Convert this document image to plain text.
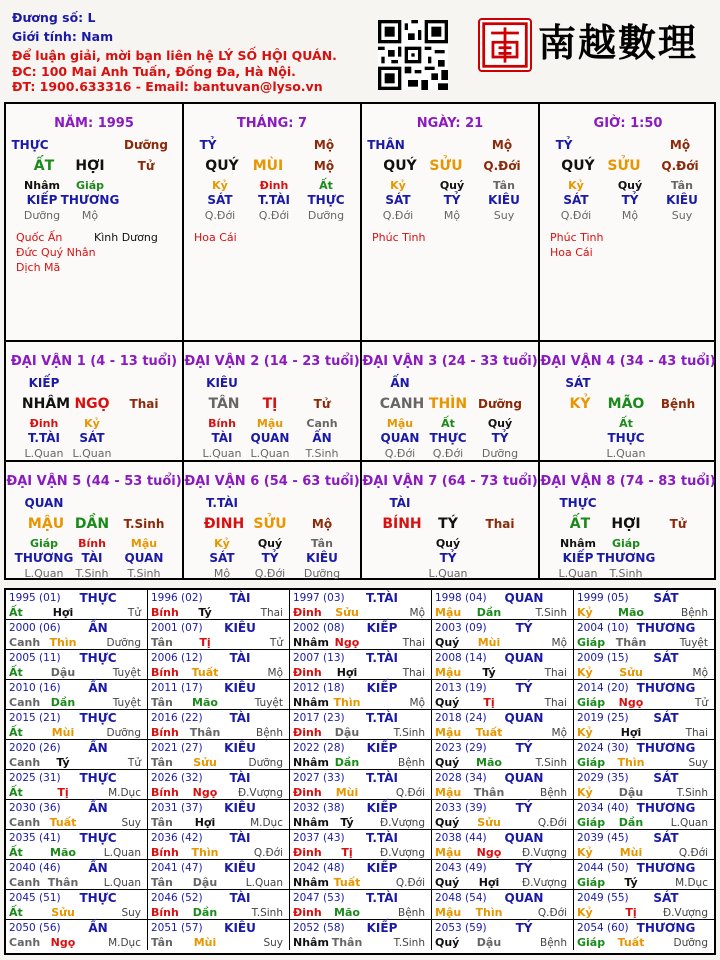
Đương số: L
Giới tính: Nam
Để luận giải, mời bạn liên hệ LÝ SỐ HỘI QUÁN.
ĐC: 100 Mai Anh Tuấn, Đống Đa, Hà Nội.
ĐT: 1900.633316 - Email: bantuvan@lyso.vn
南越數理
NĂM: 1995
THỰC	Dưỡng
ẤT HỢI	Tử
Nhâm Giáp
KIẾP THƯƠNG
Dưỡng Mộ
Quốc Ấn
Đức Quý Nhân
Dịch Mã
Kình Dương
THÁNG: 7
TỶ	Mộ
QUÝ MÙI	Mộ
Kỷ	Đinh	Ất
SÁT T.TÀI THỰC
Q.Đới Q.Đới Dưỡng
Hoa Cái
NGÀY: 21
THÂN	Mộ
QUÝ SỬU Q.Đới
Kỷ	Quý	Tân
SÁT	TỶ KIÊU
Q.Đới	Mộ	Suy
Phúc Tinh
GIỜ: 1:50
TỶ	Mộ
QUÝ SỬU Q.Đới
Kỷ	Quý	Tân
SÁT	TỶ KIÊU
Q.Đới	Mộ	Suy
Phúc Tinh
Hoa Cái
ĐẠI VẬN 1 (4 - 13 tuổi)
KIẾP
NHÂM NGỌ Thai
Đinh Kỷ
T.TÀI SÁT
L.Quan L.Quan
ĐẠI VẬN 2 (14 - 23 tuổi)
KIÊU
TÂN TỊ	Tử
Bính Mậu Canh
TÀI QUAN ẤN
L.Quan L.Quan T.Sinh
ĐẠI VẬN 3 (24 - 33 tuổi)
ẤN
CANH THÌN Dưỡng
Mậu	Ất	Quý
QUAN THỰC TỶ
Q.Đới Q.Đới Dưỡng
ĐẠI VẬN 4 (34 - 43 tuổi)
SÁT
KỶ MÃO Bệnh
Ất
THỰC
L.Quan
ĐẠI VẬN 5 (44 - 53 tuổi)
QUAN
MẬU DẦN T.Sinh
Giáp Bính Mậu
THƯƠNG TÀI QUAN
L.Quan T.Sinh T.Sinh
ĐẠI VẬN 6 (54 - 63 tuổi)
T.TÀI
ĐINH SỬU Mộ
Kỷ	Quý	Tân
SÁT TỶ KIÊU
Mộ Q.Đới Dưỡng
ĐẠI VẬN 7 (64 - 73 tuổi)
TÀI
BÍNH TÝ Thai
Quý
TỶ
L.Quan
ĐẠI VẬN 8 (74 - 83 tuổi)
THỰC
ẤT HỢI Tử
Nhâm Giáp
KIẾP THƯƠNG
L.Quan T.Sinh
1995 (01) THỰC
Ất	Hợi	Tử
1996 (02) TÀI
Bính Tý	Thai
1997 (03) T.TÀI
Đinh Sửu	Mộ
1998 (04) QUAN
Mậu Dần	T.Sinh
1999 (05) SÁT
Kỷ Mão	Bệnh
2000 (06) ẤN
Canh Thìn	Dưỡng
2001 (07) KIÊU
Tân Tị	Tử
2002 (08) KIẾP
Nhâm Ngọ	Thai
2003 (09) TỶ
Quý Mùi	Mộ
2004 (10) THƯƠNG
Giáp Thân	Tuyệt
2005 (11) THỰC
Ất	Dậu	Tuyệt
2006 (12) TÀI
Bính Tuất	Mộ
2007 (13) T.TÀI
Đinh Hợi	Thai
2008 (14) QUAN
Mậu Tý	Thai
2009 (15) SÁT
Kỷ Sửu	Mộ
2010 (16) ẤN
Canh Dần	Tuyệt
2011 (17) KIÊU
Tân Mão	Tuyệt
2012 (18) KIẾP
Nhâm Thìn	Mộ
2013 (19) TỶ
Quý Tị	Thai
2014 (20) THƯƠNG
Giáp Ngọ	Tử
2015 (21) THỰC
Ất	Mùi	Dưỡng
2016 (22) TÀI
Bính Thân	Bệnh
2017 (23) T.TÀI
Đinh Dậu	T.Sinh
2018 (24) QUAN
Mậu Tuất	Mộ
2019 (25) SÁT
Kỷ	Hợi	Thai
2020 (26) ẤN
Canh Tý	Tử
2021 (27) KIÊU
Tân Sửu	Dưỡng
2022 (28) KIẾP
Nhâm Dần	Bệnh
2023 (29) TỶ
Quý Mão	T.Sinh
2024 (30) THƯƠNG
Giáp Thìn	Suy
2025 (31) THỰC
Ất	Tị	M.Dục
2026 (32) TÀI
Bính Ngọ Đ.Vượng
2027 (33) T.TÀI
Đinh Mùi	Q.Đới
2028 (34) QUAN
Mậu Thân	Bệnh
2029 (35) SÁT
Kỷ Dậu	T.Sinh
2030 (36) ẤN
Canh Tuất	Suy
2031 (37) KIÊU
Tân Hợi	M.Dục
2032 (38) KIẾP
Nhâm Tý	Đ.Vượng
2033 (39) TỶ
Quý Sửu	Q.Đới
2034 (40) THƯƠNG
Giáp Dần	L.Quan
2035 (41) THỰC
Ất Mão	L.Quan
2036 (42) TÀI
Bính Thìn	Q.Đới
2037 (43) T.TÀI
Đinh Tị	Đ.Vượng
2038 (44) QUAN
Mậu Ngọ Đ.Vượng
2039 (45) SÁT
Kỷ Mùi	Q.Đới
2040 (46) ẤN
Canh Thân L.Quan
2041 (47) KIÊU
Tân Dậu	L.Quan
2042 (48) KIẾP
Nhâm Tuất	Q.Đới
2043 (49) TỶ
Quý Hợi Đ.Vượng
2044 (50) THƯƠNG
Giáp Tý	M.Dục
2045 (51) THỰC
Ất	Sửu	Suy
2046 (52) TÀI
Bính Dần	T.Sinh
2047 (53) T.TÀI
Đinh Mão	Bệnh
2048 (54) QUAN
Mậu Thìn	Q.Đới
2049 (55) SÁT
Kỷ	Tị	Đ.Vượng
2050 (56) ẤN
Canh Ngọ	M.Dục
2051 (57) KIÊU
Tân Mùi	Suy
2052 (58) KIẾP
Nhâm Thân	T.Sinh
2053 (59) TỶ
Quý Dậu	Bệnh
2054 (60) THƯƠNG
Giáp Tuất	Dưỡng
